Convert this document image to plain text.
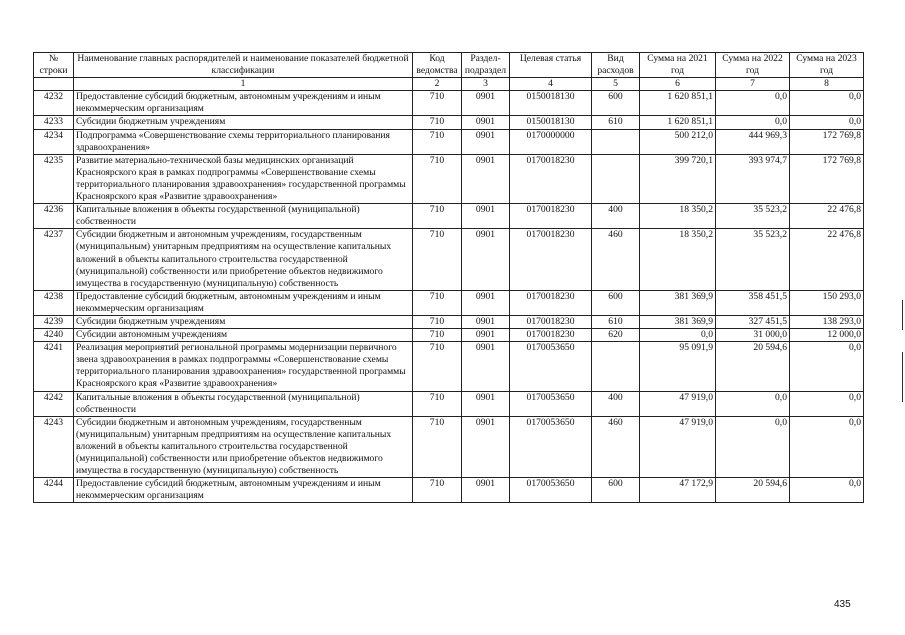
№
строки	Наименование главных распорядителей и наименование показателей бюджетной классификации	Код ведомства	Раздел-подраздел	Целевая статья	Вид расходов	Сумма на 2021 год	Сумма на 2022 год	Сумма на 2023 год
	1	2	3	4	5	6	7	8
4232	Предоставление субсидий бюджетным, автономным учреждениям и иным некоммерческим организациям	710	0901	0150018130	600	1 620 851,1	0,0	0,0
4233	Субсидии бюджетным учреждениям	710	0901	0150018130	610	1 620 851,1	0,0	0,0
4234	Подпрограмма «Совершенствование схемы территориального планирования здравоохранения»	710	0901	0170000000		500 212,0	444 969,3	172 769,8
4235	Развитие материально-технической базы медицинских организаций Красноярского края в рамках подпрограммы «Совершенствование схемы территориального планирования здравоохранения» государственной программы Красноярского края «Развитие здравоохранения»	710	0901	0170018230		399 720,1	393 974,7	172 769,8
4236	Капитальные вложения в объекты государственной (муниципальной) собственности	710	0901	0170018230	400	18 350,2	35 523,2	22 476,8
4237	Субсидии бюджетным и автономным учреждениям, государственным (муниципальным) унитарным предприятиям на осуществление капитальных вложений в объекты капитального строительства государственной (муниципальной) собственности или приобретение объектов недвижимого имущества в государственную (муниципальную) собственность	710	0901	0170018230	460	18 350,2	35 523,2	22 476,8
4238	Предоставление субсидий бюджетным, автономным учреждениям и иным некоммерческим организациям	710	0901	0170018230	600	381 369,9	358 451,5	150 293,0
4239	Субсидии бюджетным учреждениям	710	0901	0170018230	610	381 369,9	327 451,5	138 293,0
4240	Субсидии автономным учреждениям	710	0901	0170018230	620	0,0	31 000,0	12 000,0
4241	Реализация мероприятий региональной программы модернизации первичного звена здравоохранения в рамках подпрограммы «Совершенствование схемы территориального планирования здравоохранения» государственной программы Красноярского края «Развитие здравоохранения»	710	0901	0170053650		95 091,9	20 594,6	0,0
4242	Капитальные вложения в объекты государственной (муниципальной) собственности	710	0901	0170053650	400	47 919,0	0,0	0,0
4243	Субсидии бюджетным и автономным учреждениям, государственным (муниципальным) унитарным предприятиям на осуществление капитальных вложений в объекты капитального строительства государственной (муниципальной) собственности или приобретение объектов недвижимого имущества в государственную (муниципальную) собственность	710	0901	0170053650	460	47 919,0	0,0	0,0
4244	Предоставление субсидий бюджетным, автономным учреждениям и иным некоммерческим организациям	710	0901	0170053650	600	47 172,9	20 594,6	0,0
435
